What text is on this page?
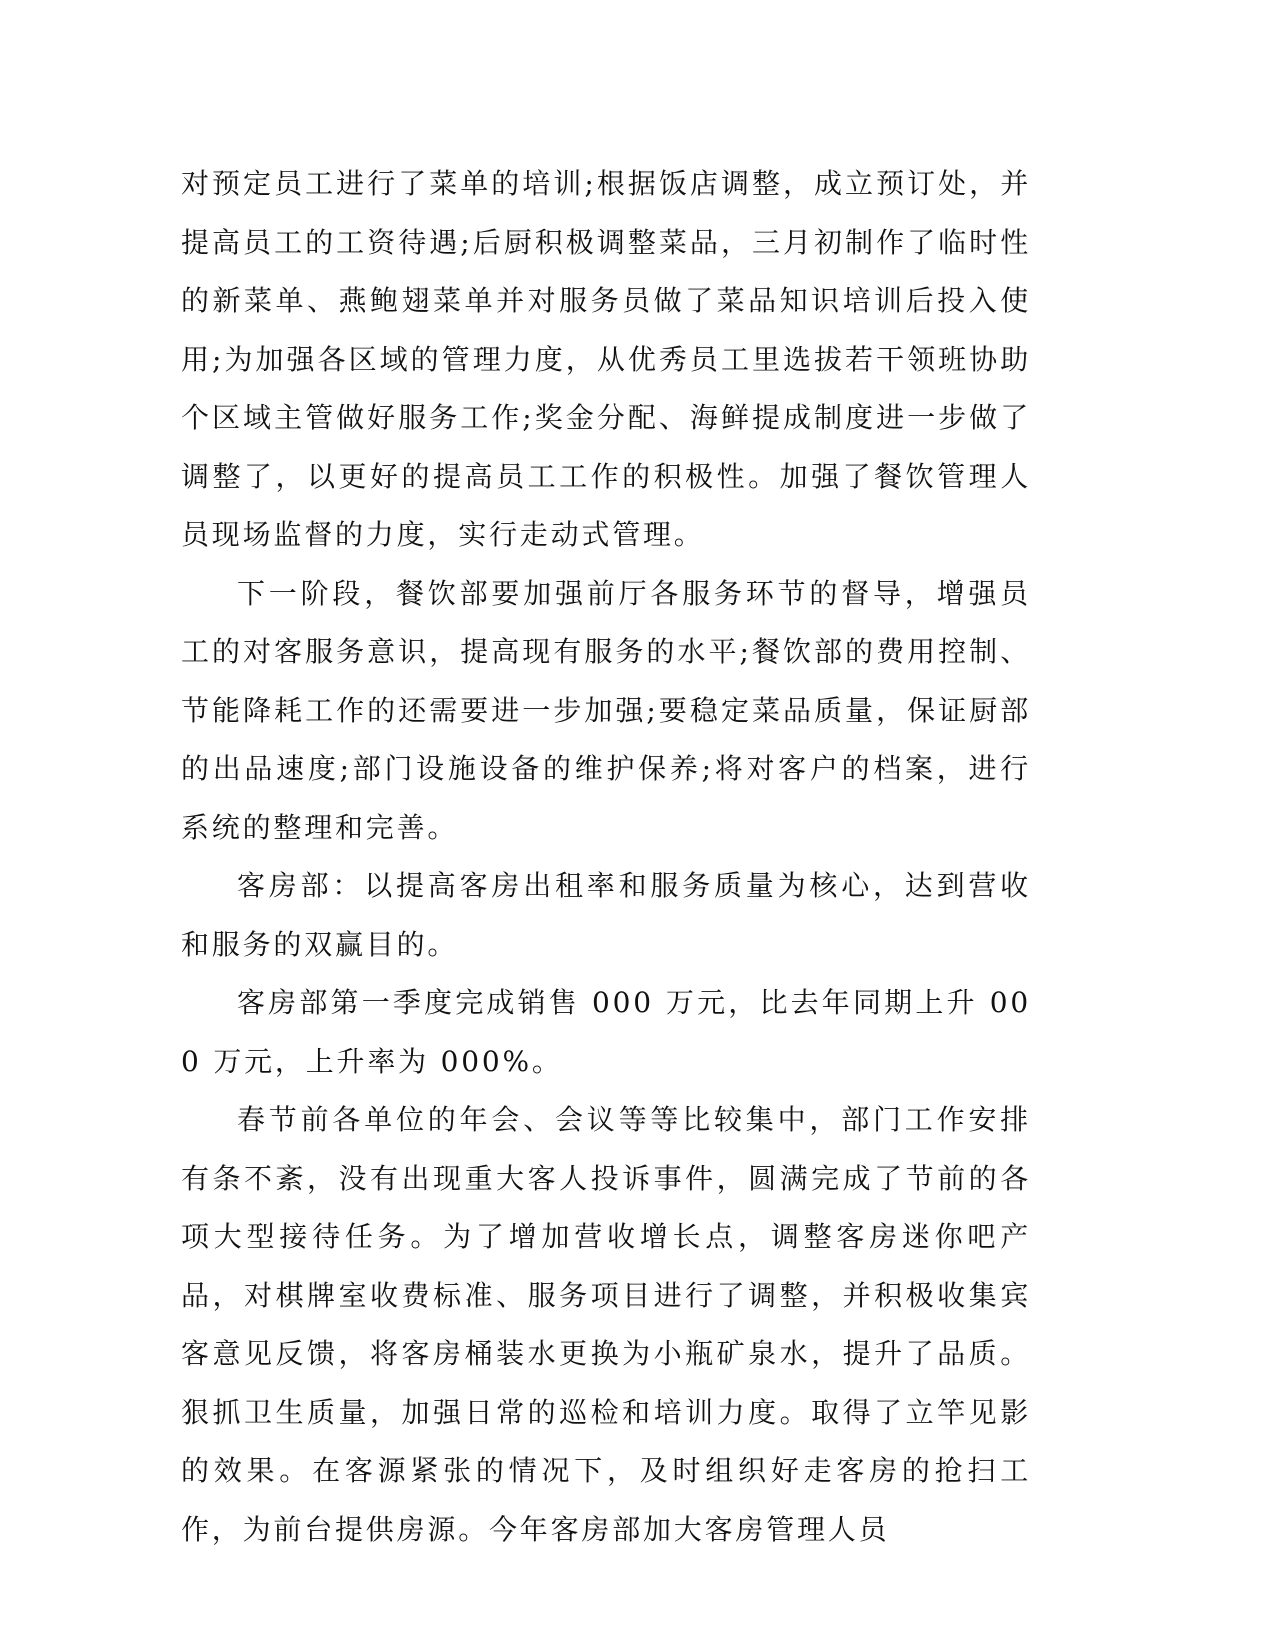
对预定员工进行了菜单的培训;根据饭店调整，成立预订处，并提高员工的工资待遇;后厨积极调整菜品，三月初制作了临时性的新菜单、燕鲍翅菜单并对服务员做了菜品知识培训后投入使用;为加强各区域的管理力度，从优秀员工里选拔若干领班协助个区域主管做好服务工作;奖金分配、海鲜提成制度进一步做了调整了，以更好的提高员工工作的积极性。加强了餐饮管理人员现场监督的力度，实行走动式管理。

下一阶段，餐饮部要加强前厅各服务环节的督导，增强员工的对客服务意识，提高现有服务的水平;餐饮部的费用控制、节能降耗工作的还需要进一步加强;要稳定菜品质量，保证厨部的出品速度;部门设施设备的维护保养;将对客户的档案，进行系统的整理和完善。

客房部：以提高客房出租率和服务质量为核心，达到营收和服务的双赢目的。

客房部第一季度完成销售 000 万元，比去年同期上升 000 万元，上升率为 000%。

春节前各单位的年会、会议等等比较集中，部门工作安排有条不紊，没有出现重大客人投诉事件，圆满完成了节前的各项大型接待任务。为了增加营收增长点，调整客房迷你吧产品，对棋牌室收费标准、服务项目进行了调整，并积极收集宾客意见反馈，将客房桶装水更换为小瓶矿泉水，提升了品质。狠抓卫生质量，加强日常的巡检和培训力度。取得了立竿见影的效果。在客源紧张的情况下，及时组织好走客房的抢扫工作，为前台提供房源。今年客房部加大客房管理人员
